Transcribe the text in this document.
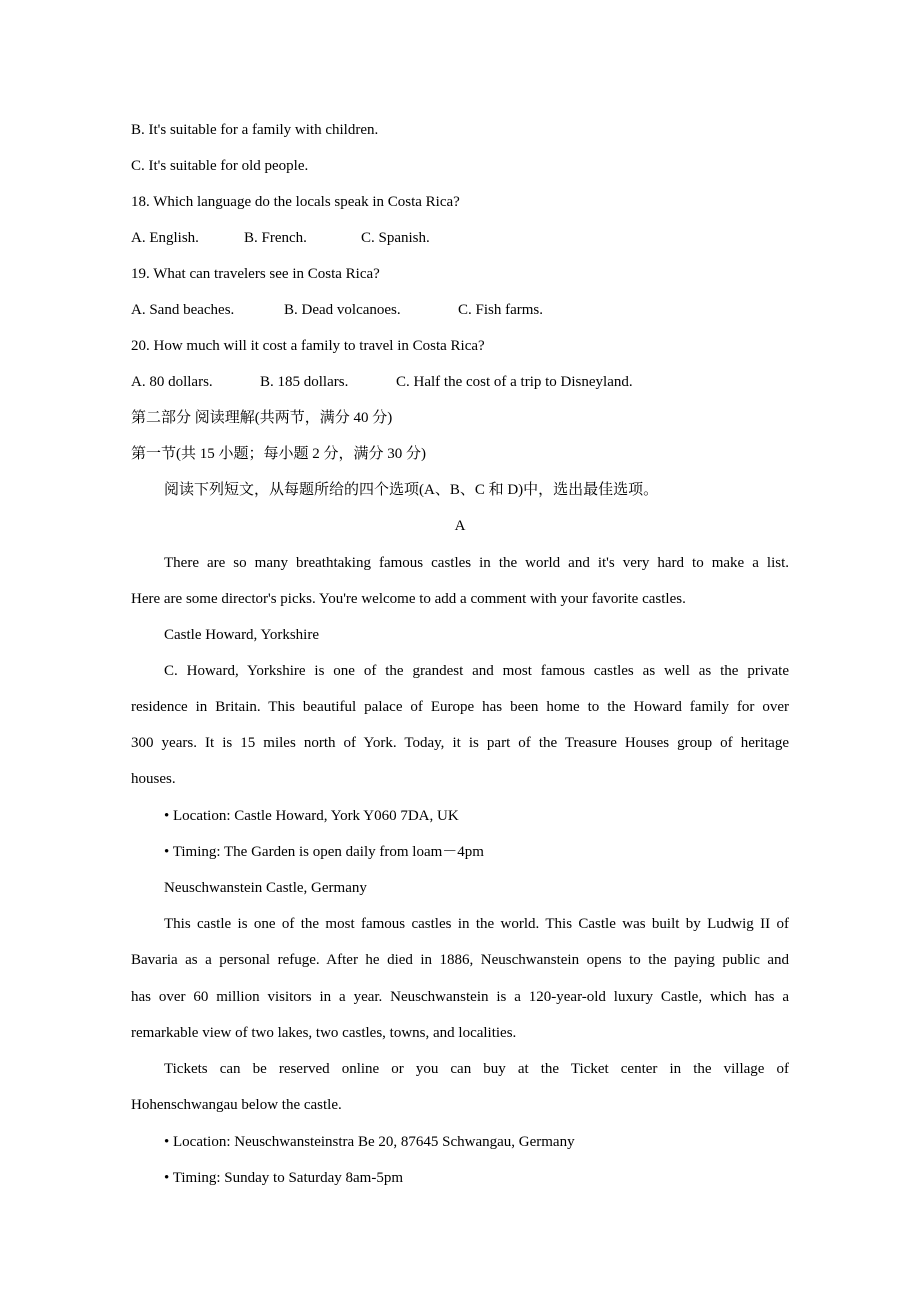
B. It's suitable for a family with children.
C. It's suitable for old people.
18. Which language do the locals speak in Costa Rica?
A. English.	B. French.	C. Spanish.
19. What can travelers see in Costa Rica?
A. Sand beaches.	B. Dead volcanoes.	C. Fish farms.
20. How much will it cost a family to travel in Costa Rica?
A. 80 dollars.	B. 185 dollars.	C. Half the cost of a trip to Disneyland.
第二部分 阅读理解(共两节，满分 40 分)
第一节(共 15 小题；每小题 2 分，满分 30 分)
阅读下列短文，从每题所给的四个选项(A、B、C 和 D)中，选出最佳选项。
A
There are so many breathtaking famous castles in the world and it's very hard to make a list.
Here are some director's picks. You're welcome to add a comment with your favorite castles.
Castle Howard, Yorkshire
C. Howard, Yorkshire is one of the grandest and most famous castles as well as the private
residence in Britain. This beautiful palace of Europe has been home to the Howard family for over
300 years. It is 15 miles north of York. Today, it is part of the Treasure Houses group of heritage
houses.
• Location: Castle Howard, York Y060 7DA, UK
• Timing: The Garden is open daily from loam－4pm
Neuschwanstein Castle, Germany
This castle is one of the most famous castles in the world. This Castle was built by Ludwig II of
Bavaria as a personal refuge. After he died in 1886, Neuschwanstein opens to the paying public and
has over 60 million visitors in a year. Neuschwanstein is a 120-year-old luxury Castle, which has a
remarkable view of two lakes, two castles, towns, and localities.
Tickets can be reserved online or you can buy at the Ticket center in the village of
Hohenschwangau below the castle.
• Location: Neuschwansteinstra Be 20, 87645 Schwangau, Germany
• Timing: Sunday to Saturday 8am-5pm
